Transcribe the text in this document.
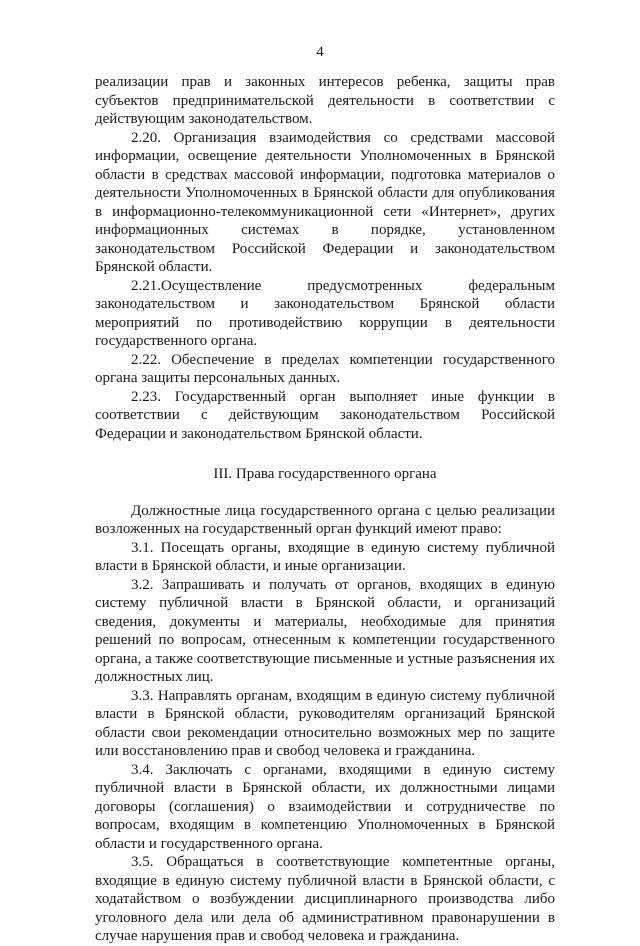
4

реализации прав и законных интересов ребенка, защиты прав субъектов предпринимательской деятельности в соответствии с действующим законодательством.

2.20. Организация взаимодействия со средствами массовой информации, освещение деятельности Уполномоченных в Брянской области в средствах массовой информации, подготовка материалов о деятельности Уполномоченных в Брянской области для опубликования в информационно-телекоммуникационной сети «Интернет», других информационных системах в порядке, установленном законодательством Российской Федерации и законодательством Брянской области.

2.21.Осуществление предусмотренных федеральным законодательством и законодательством Брянской области мероприятий по противодействию коррупции в деятельности государственного органа.

2.22. Обеспечение в пределах компетенции государственного органа защиты персональных данных.

2.23. Государственный орган выполняет иные функции в соответствии с действующим законодательством Российской Федерации и законодательством Брянской области.

III. Права государственного органа

Должностные лица государственного органа с целью реализации возложенных на государственный орган функций имеют право:

3.1. Посещать органы, входящие в единую систему публичной власти в Брянской области, и иные организации.

3.2. Запрашивать и получать от органов, входящих в единую систему публичной власти в Брянской области, и организаций сведения, документы и материалы, необходимые для принятия решений по вопросам, отнесенным к компетенции государственного органа, а также соответствующие письменные и устные разъяснения их должностных лиц.

3.3. Направлять органам, входящим в единую систему публичной власти в Брянской области, руководителям организаций Брянской области свои рекомендации относительно возможных мер по защите или восстановлению прав и свобод человека и гражданина.

3.4. Заключать с органами, входящими в единую систему публичной власти в Брянской области, их должностными лицами договоры (соглашения) о взаимодействии и сотрудничестве по вопросам, входящим в компетенцию Уполномоченных в Брянской области и государственного органа.

3.5. Обращаться в соответствующие компетентные органы, входящие в единую систему публичной власти в Брянской области, с ходатайством о возбуждении дисциплинарного производства либо уголовного дела или дела об административном правонарушении в случае нарушения прав и свобод человека и гражданина.
